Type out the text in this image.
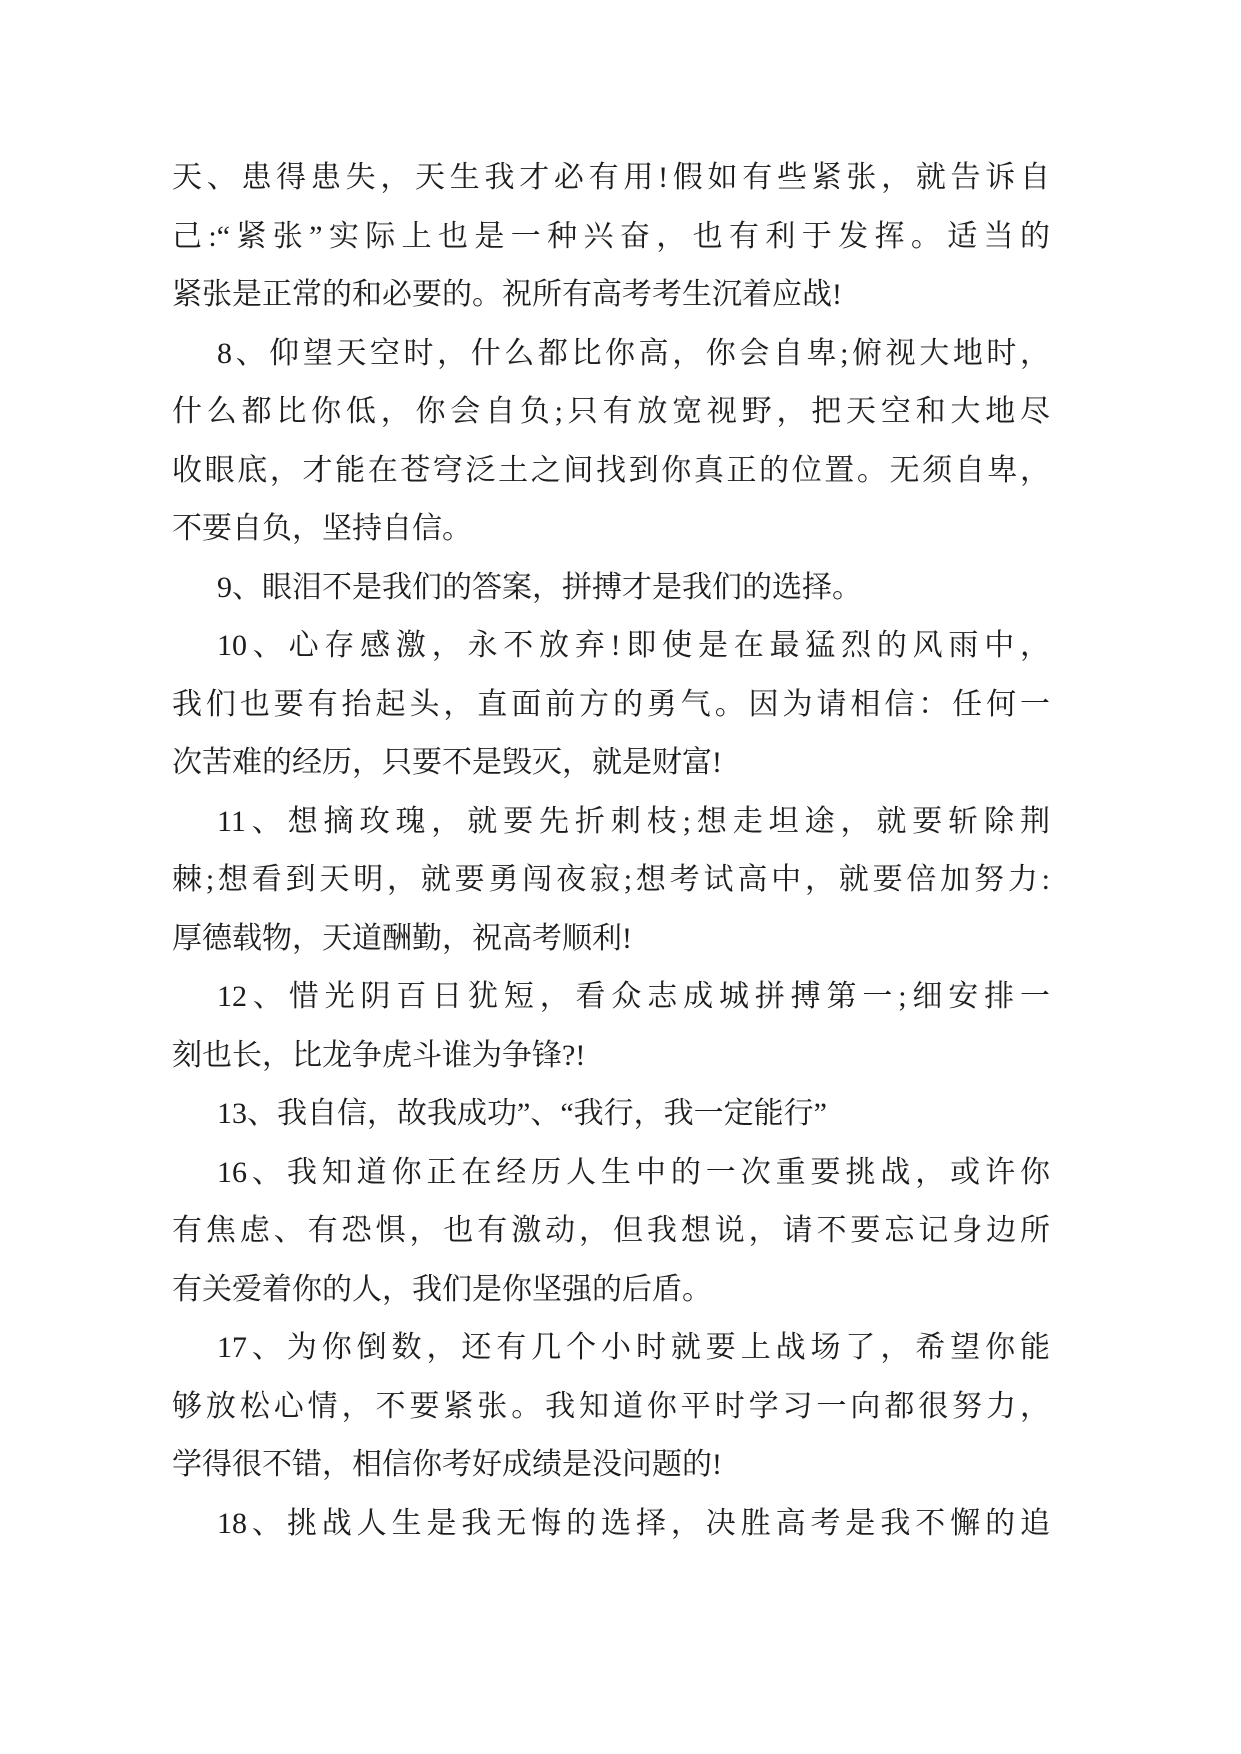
天、患得患失，天生我才必有用!假如有些紧张，就告诉自
己:“紧张”实际上也是一种兴奋，也有利于发挥。适当的
紧张是正常的和必要的。祝所有高考考生沉着应战!
8、仰望天空时，什么都比你高，你会自卑;俯视大地时，
什么都比你低，你会自负;只有放宽视野，把天空和大地尽
收眼底，才能在苍穹泛土之间找到你真正的位置。无须自卑，
不要自负，坚持自信。
9、眼泪不是我们的答案，拼搏才是我们的选择。
10、心存感激，永不放弃!即使是在最猛烈的风雨中，
我们也要有抬起头，直面前方的勇气。因为请相信：任何一
次苦难的经历，只要不是毁灭，就是财富!
11、想摘玫瑰，就要先折刺枝;想走坦途，就要斩除荆
棘;想看到天明，就要勇闯夜寂;想考试高中，就要倍加努力:
厚德载物，天道酬勤，祝高考顺利!
12、惜光阴百日犹短，看众志成城拼搏第一;细安排一
刻也长，比龙争虎斗谁为争锋?!
13、我自信，故我成功”、“我行，我一定能行”
16、我知道你正在经历人生中的一次重要挑战，或许你
有焦虑、有恐惧，也有激动，但我想说，请不要忘记身边所
有关爱着你的人，我们是你坚强的后盾。
17、为你倒数，还有几个小时就要上战场了，希望你能
够放松心情，不要紧张。我知道你平时学习一向都很努力，
学得很不错，相信你考好成绩是没问题的!
18、挑战人生是我无悔的选择，决胜高考是我不懈的追
